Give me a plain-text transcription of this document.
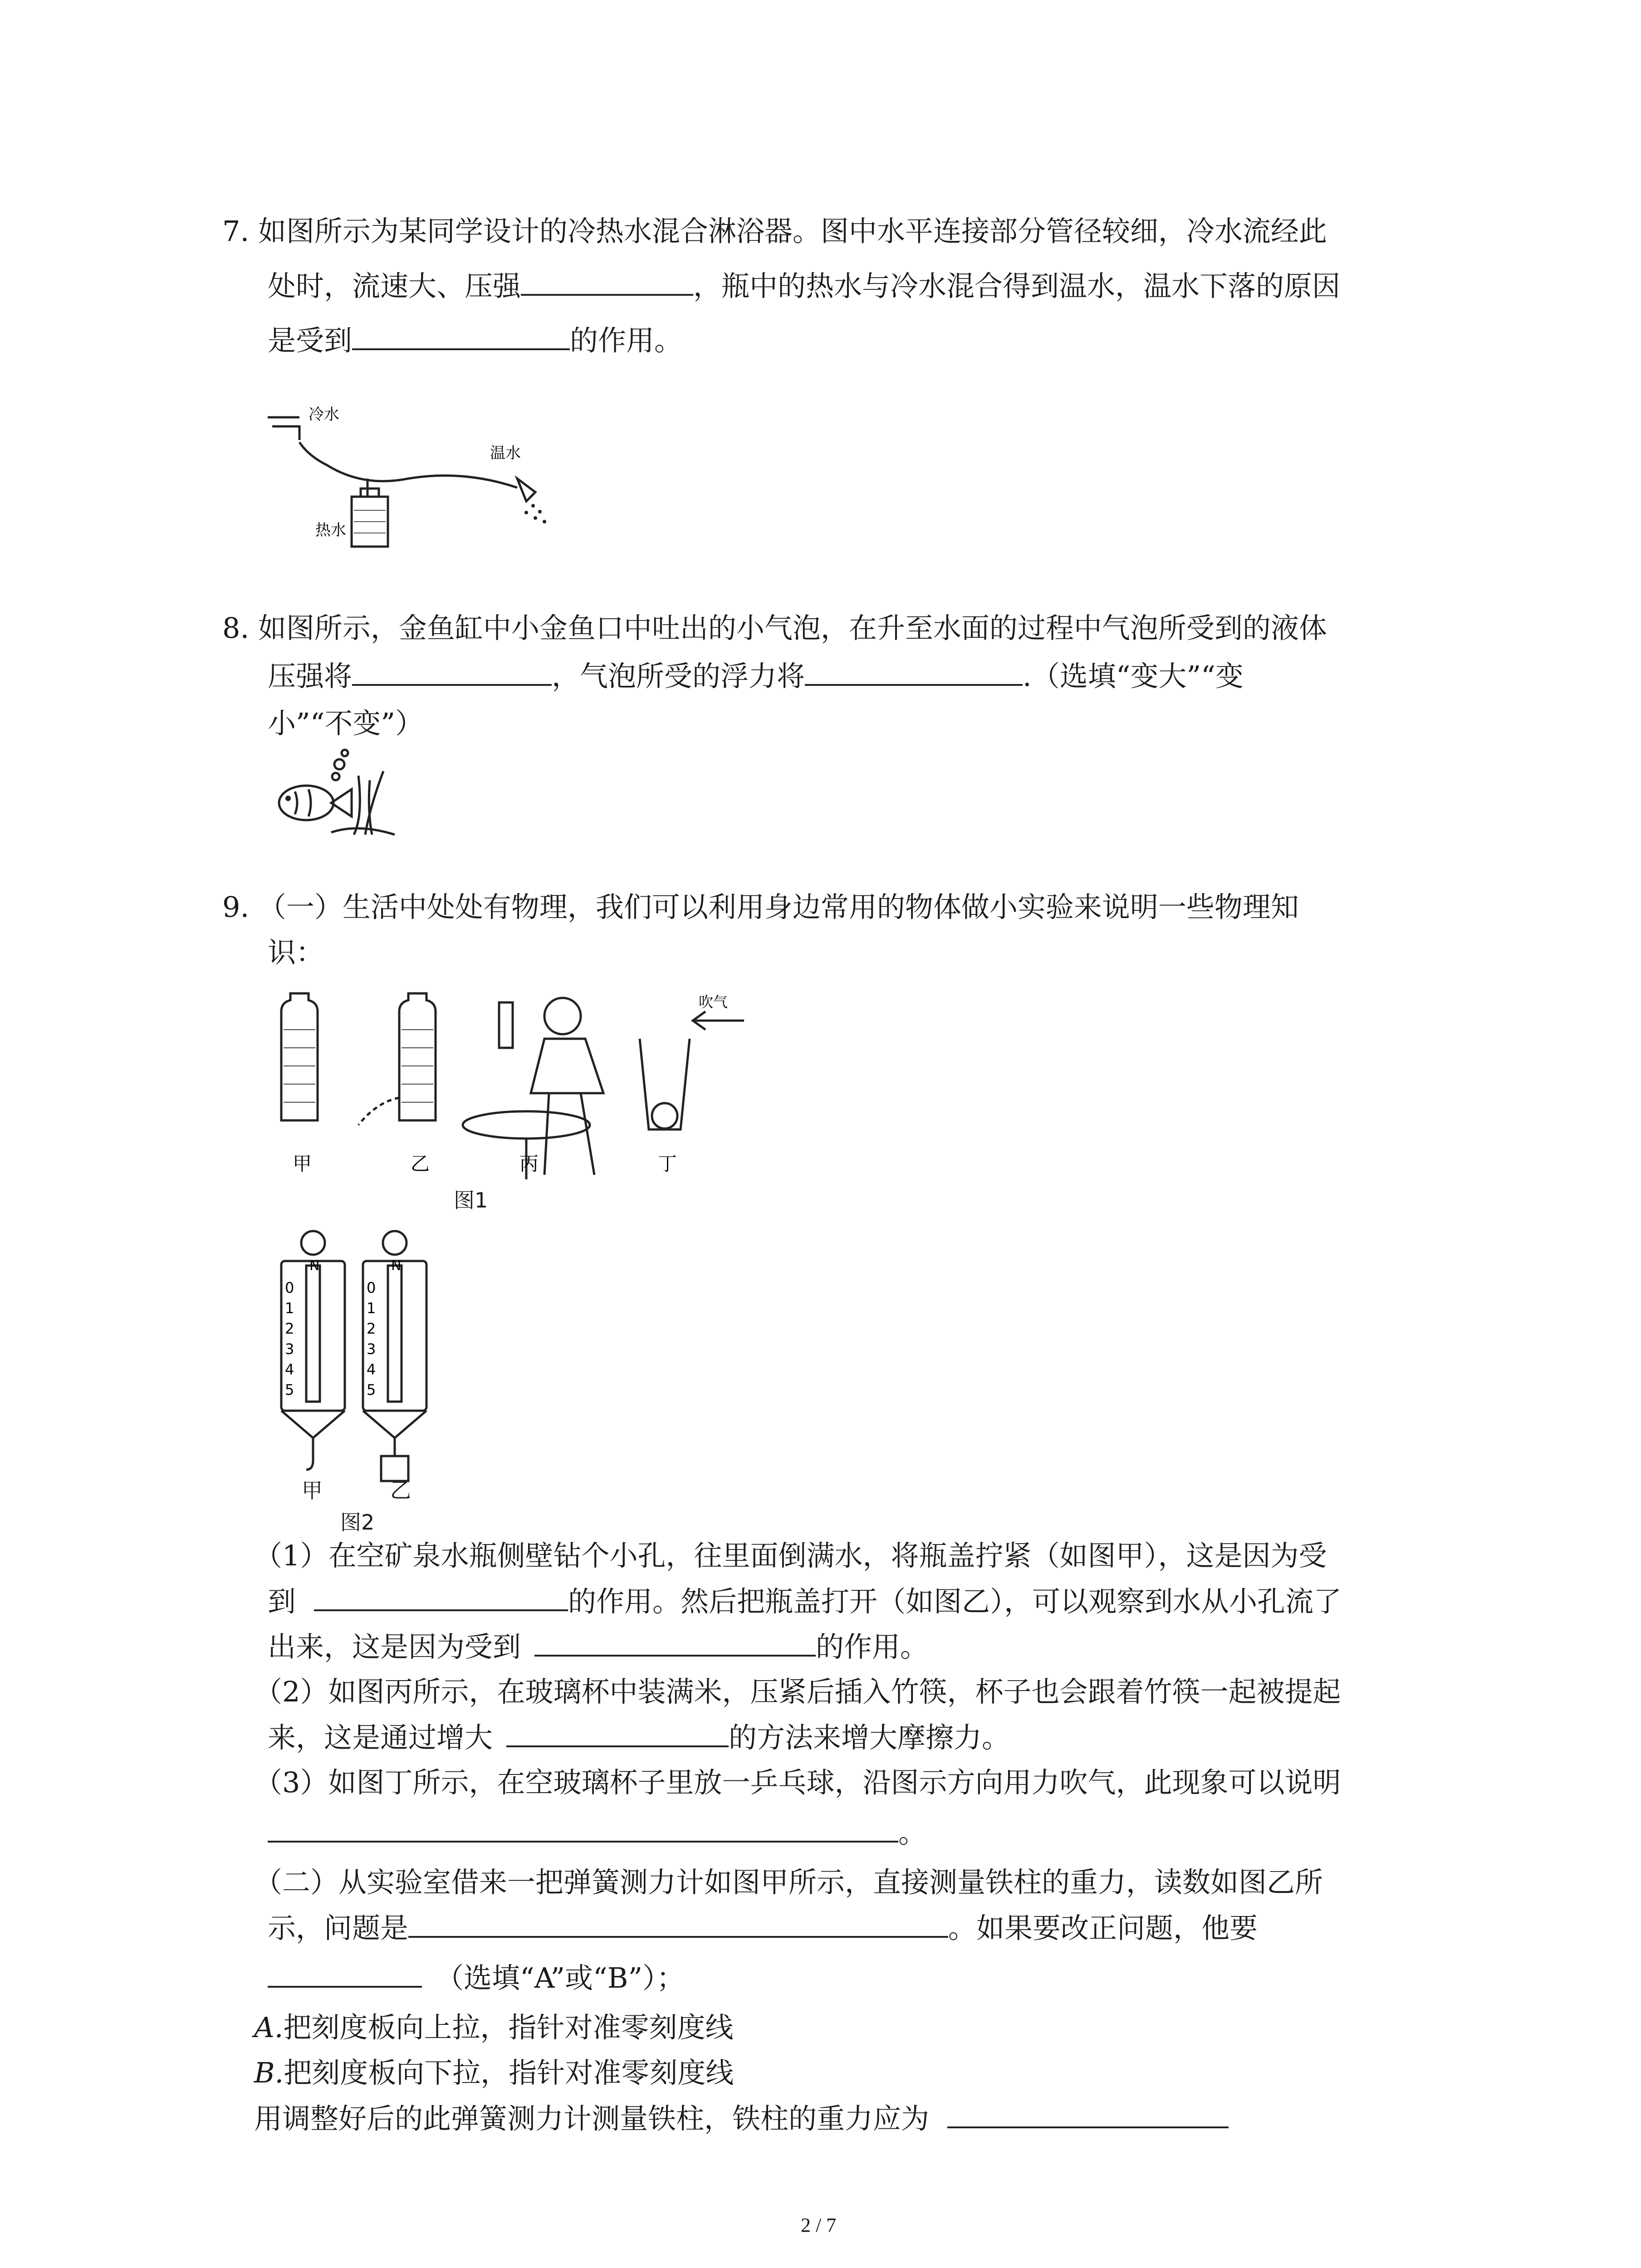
7. 如图所示为某同学设计的冷热水混合淋浴器。图中水平连接部分管径较细，冷水流经此
处时，流速大、压强	，瓶中的热水与冷水混合得到温水，温水下落的原因
是受到	的作用。
冷水
温水
热水
8. 如图所示，金鱼缸中小金鱼口中吐出的小气泡，在升至水面的过程中气泡所受到的液体
压强将	，气泡所受的浮力将	.（选填“变大”“变
小”“不变”）
9. （一）生活中处处有物理，我们可以利用身边常用的物体做小实验来说明一些物理知
识：
吹气
甲	乙	丙	丁
图1
N	N
0
1
2
3
4
5
0
1
2
3
4
5
甲	乙
图2
（1）在空矿泉水瓶侧壁钻个小孔，往里面倒满水，将瓶盖拧紧（如图甲），这是因为受
到	的作用。然后把瓶盖打开（如图乙），可以观察到水从小孔流了
出来，这是因为受到	的作用。
（2）如图丙所示，在玻璃杯中装满米，压紧后插入竹筷，杯子也会跟着竹筷一起被提起
来，这是通过增大	的方法来增大摩擦力。
（3）如图丁所示，在空玻璃杯子里放一乒乓球，沿图示方向用力吹气，此现象可以说明
。
（二）从实验室借来一把弹簧测力计如图甲所示，直接测量铁柱的重力，读数如图乙所
示，问题是	。如果要改正问题，他要
（选填“A”或“B”）；
A.把刻度板向上拉，指针对准零刻度线
B.把刻度板向下拉，指针对准零刻度线
用调整好后的此弹簧测力计测量铁柱，铁柱的重力应为
2 / 7
